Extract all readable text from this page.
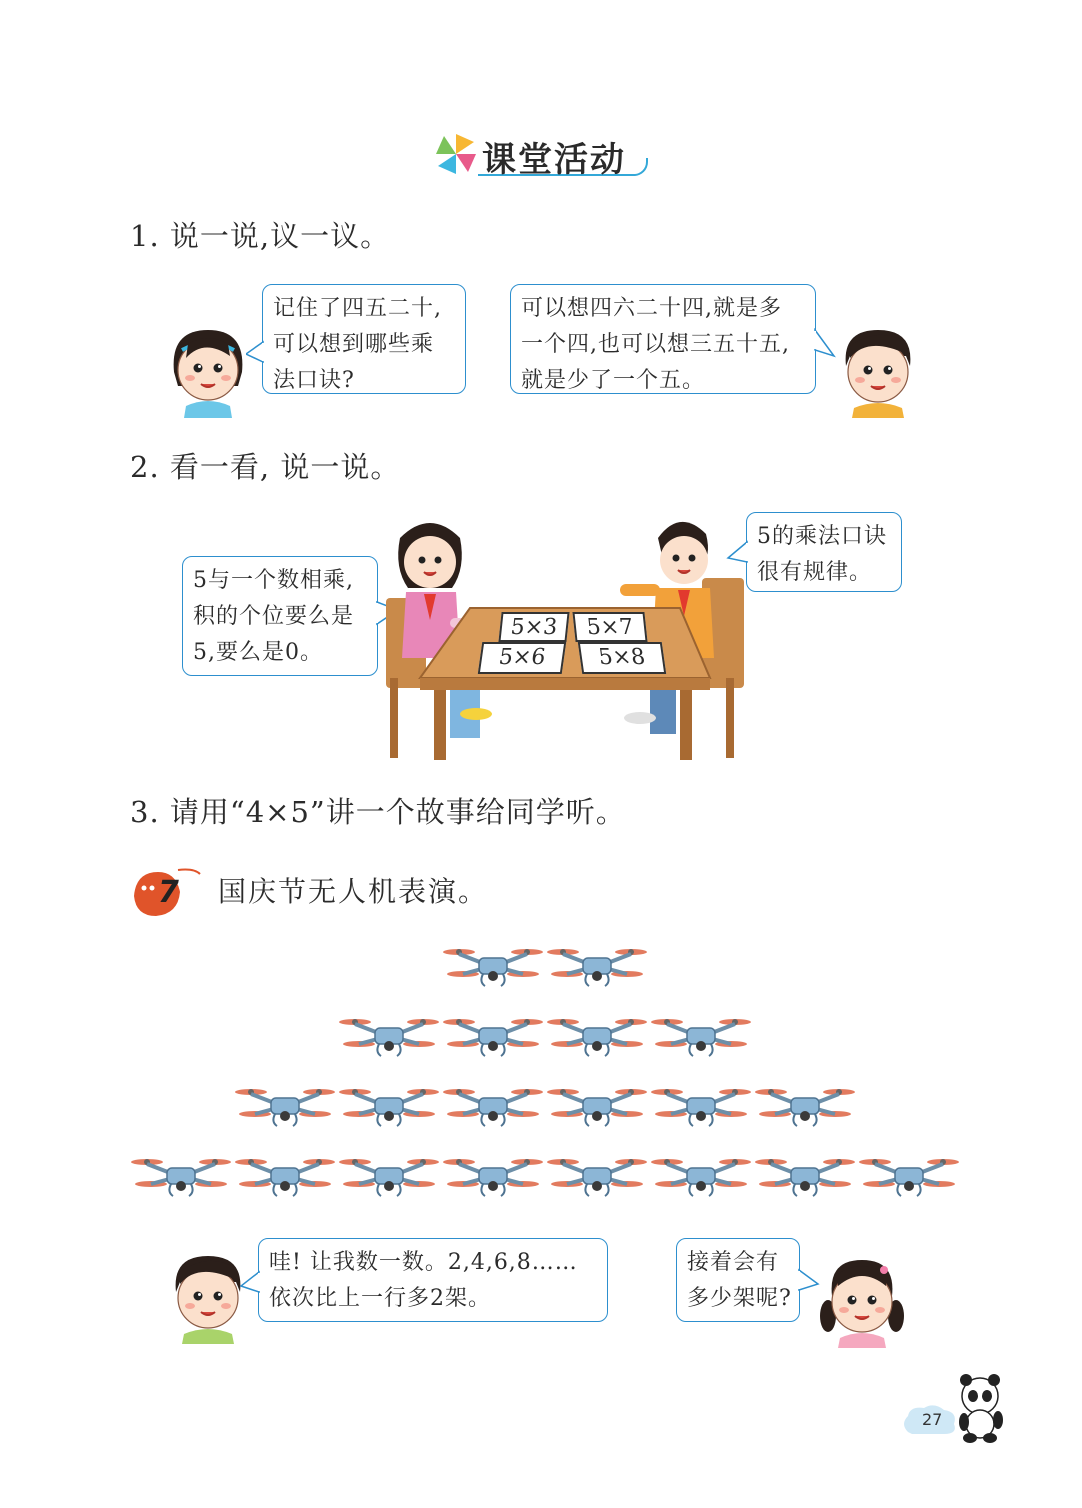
课堂活动
1. 说一说,议一议。
记住了四五二十,
可以想到哪些乘
法口诀?
可以想四六二十四,就是多
一个四,也可以想三五十五,
就是少了一个五。
2. 看一看, 说一说。
5与一个数相乘,
积的个位要么是
5,要么是0。
5的乘法口诀
很有规律。
5×3	5×7
5×6	5×8
3. 请用“4×5”讲一个故事给同学听。
7 国庆节无人机表演。
哇! 让我数一数。2,4,6,8……
依次比上一行多2架。
接着会有
多少架呢?
27
